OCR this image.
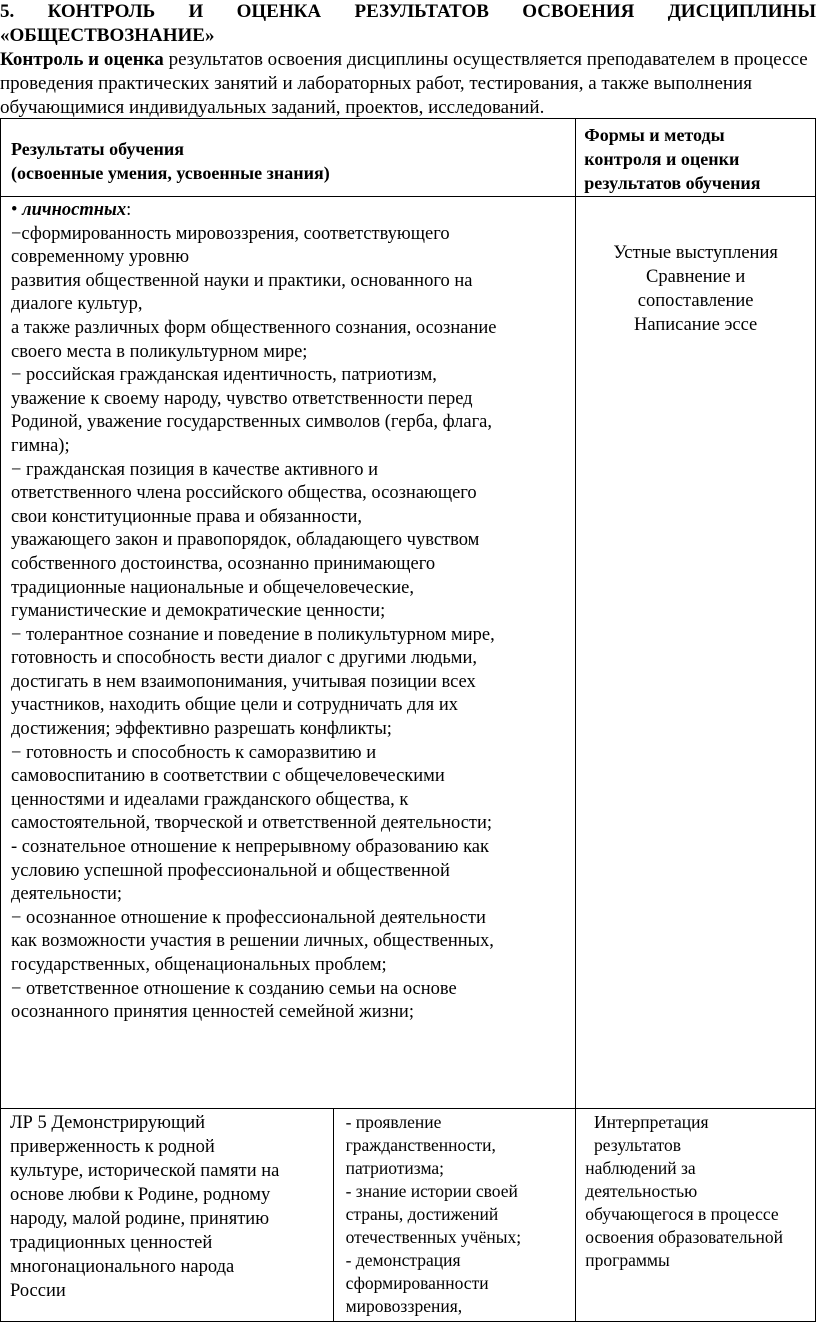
5. КОНТРОЛЬ И ОЦЕНКА РЕЗУЛЬТАТОВ ОСВОЕНИЯ ДИСЦИПЛИНЫ
«ОБЩЕСТВОЗНАНИЕ»

Контроль и оценка результатов освоения дисциплины осуществляется преподавателем в процессе проведения практических занятий и лабораторных работ, тестирования, а также выполнения обучающимися индивидуальных заданий, проектов, исследований.

Результаты обучения
(освоенные умения, усвоенные знания)
Формы и методы
контроля и оценки
результатов обучения
• личностных:
−сформированность мировоззрения, соответствующего
современному уровню
развития общественной науки и практики, основанного на
диалоге культур,
а также различных форм общественного сознания, осознание
своего места в поликультурном мире;
− российская гражданская идентичность, патриотизм,
уважение к своему народу, чувство ответственности перед
Родиной, уважение государственных символов (герба, флага,
гимна);
− гражданская позиция в качестве активного и
ответственного члена российского общества, осознающего
свои конституционные права и обязанности,
уважающего закон и правопорядок, обладающего чувством
собственного достоинства, осознанно принимающего
традиционные национальные и общечеловеческие,
гуманистические и демократические ценности;
− толерантное сознание и поведение в поликультурном мире,
готовность и способность вести диалог с другими людьми,
достигать в нем взаимопонимания, учитывая позиции всех
участников, находить общие цели и сотрудничать для их
достижения; эффективно разрешать конфликты;
− готовность и способность к саморазвитию и
самовоспитанию в соответствии с общечеловеческими
ценностями и идеалами гражданского общества, к
самостоятельной, творческой и ответственной деятельности;
- сознательное отношение к непрерывному образованию как
условию успешной профессиональной и общественной
деятельности;
− осознанное отношение к профессиональной деятельности
как возможности участия в решении личных, общественных,
государственных, общенациональных проблем;
− ответственное отношение к созданию семьи на основе
осознанного принятия ценностей семейной жизни;
Устные выступления
Сравнение и
сопоставление
Написание эссе
ЛР 5 Демонстрирующий
приверженность к родной
культуре, исторической памяти на
основе любви к Родине, родному
народу, малой родине, принятию
традиционных ценностей
многонационального народа
России
- проявление
гражданственности,
патриотизма;
- знание истории своей
страны, достижений
отечественных учёных;
- демонстрация
сформированности
мировоззрения,
Интерпретация
результатов
наблюдений за
деятельностью
обучающегося в процессе
освоения образовательной
программы
